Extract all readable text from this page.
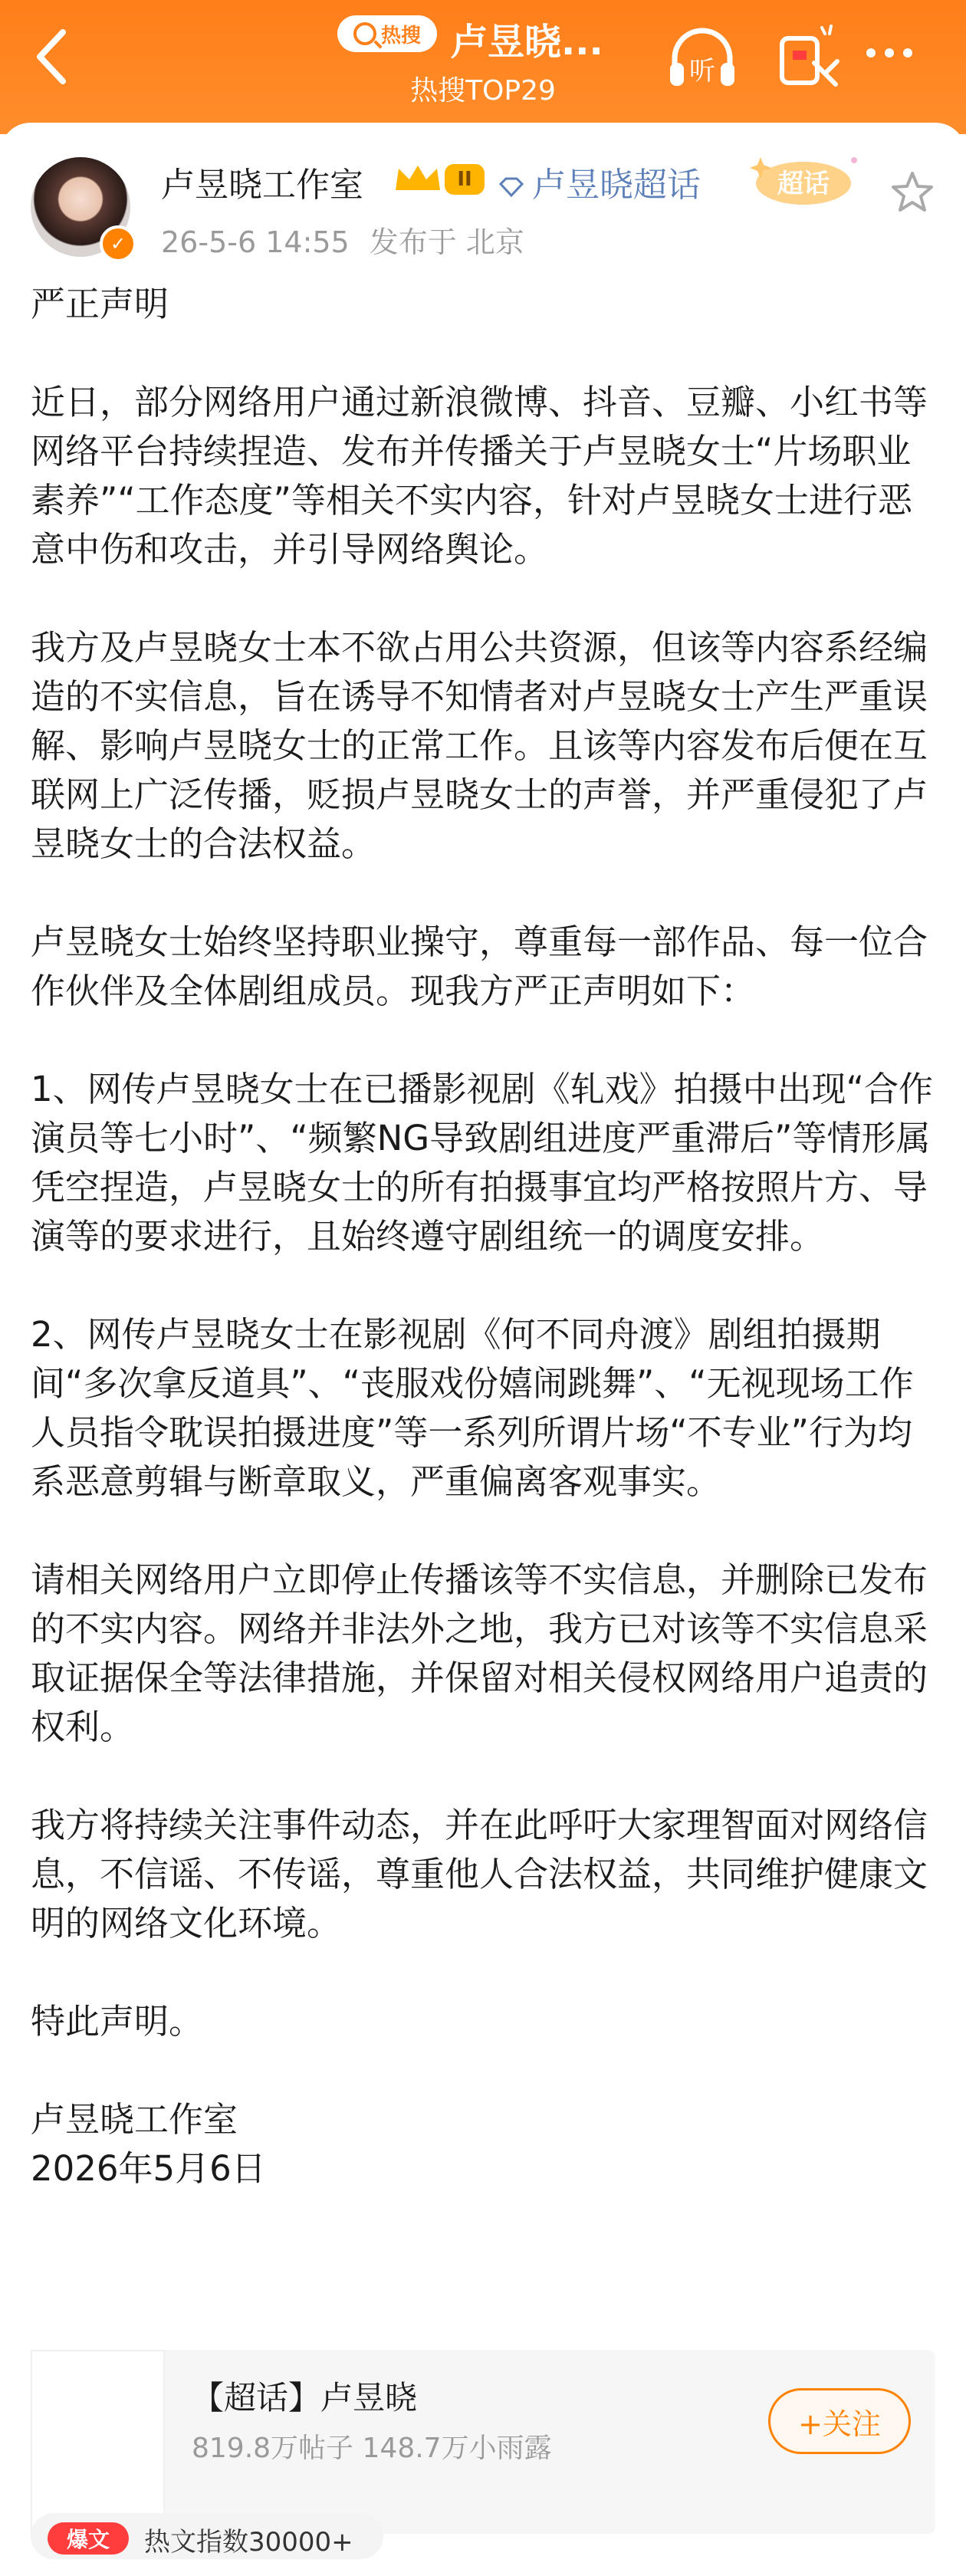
热搜 卢昱晓...
热搜TOP29
听
✓
卢昱晓工作室	II	卢昱晓超话	超话
26-5-6 14:55 发布于 北京

严正声明

近日，部分网络用户通过新浪微博、抖音、豆瓣、小红书等网络平台持续捏造、发布并传播关于卢昱晓女士“片场职业素养”“工作态度”等相关不实内容，针对卢昱晓女士进行恶意中伤和攻击，并引导网络舆论。

我方及卢昱晓女士本不欲占用公共资源，但该等内容系经编造的不实信息，旨在诱导不知情者对卢昱晓女士产生严重误解、影响卢昱晓女士的正常工作。且该等内容发布后便在互联网上广泛传播，贬损卢昱晓女士的声誉，并严重侵犯了卢昱晓女士的合法权益。

卢昱晓女士始终坚持职业操守，尊重每一部作品、每一位合作伙伴及全体剧组成员。现我方严正声明如下：

1、网传卢昱晓女士在已播影视剧《轧戏》拍摄中出现“合作演员等七小时”、“频繁NG导致剧组进度严重滞后”等情形属凭空捏造，卢昱晓女士的所有拍摄事宜均严格按照片方、导演等的要求进行，且始终遵守剧组统一的调度安排。

2、网传卢昱晓女士在影视剧《何不同舟渡》剧组拍摄期间“多次拿反道具”、“丧服戏份嬉闹跳舞”、“无视现场工作人员指令耽误拍摄进度”等一系列所谓片场“不专业”行为均系恶意剪辑与断章取义，严重偏离客观事实。

请相关网络用户立即停止传播该等不实信息，并删除已发布的不实内容。网络并非法外之地，我方已对该等不实信息采取证据保全等法律措施，并保留对相关侵权网络用户追责的权利。

我方将持续关注事件动态，并在此呼吁大家理智面对网络信息，不信谣、不传谣，尊重他人合法权益，共同维护健康文明的网络文化环境。

特此声明。

卢昱晓工作室

2026年5月6日

【超话】卢昱晓
819.8万帖子 148.7万小雨露
+关注
爆文	热文指数30000+
